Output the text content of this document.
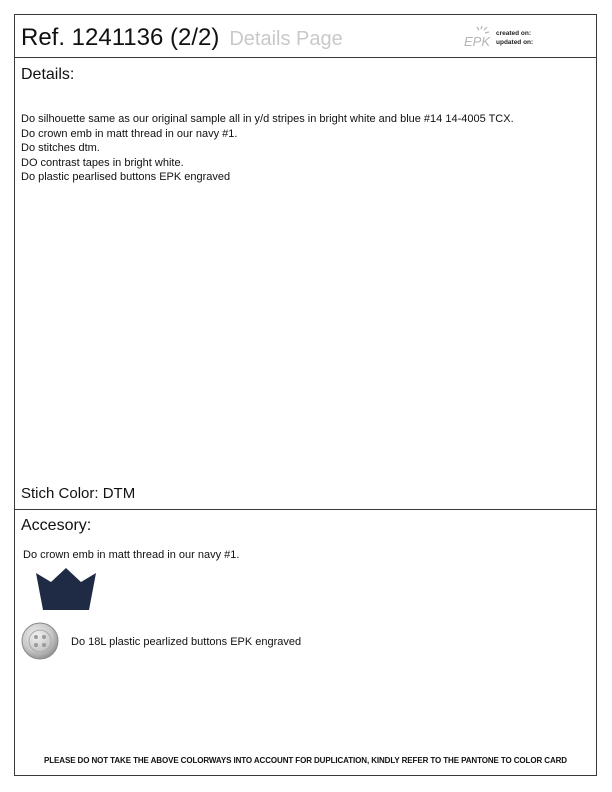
Ref. 1241136 (2/2) Details Page	EPK
created on:
updated on:
Details:
Do silhouette same as our original sample all in y/d stripes in bright white and blue #14 14-4005 TCX.
Do crown emb in matt thread in our navy #1.
Do stitches dtm.
DO contrast tapes in bright white.
Do plastic pearlised buttons EPK engraved
Stich Color: DTM
Accesory:
Do crown emb in matt thread in our navy #1.
Do 18L plastic pearlized buttons EPK engraved
PLEASE DO NOT TAKE THE ABOVE COLORWAYS INTO ACCOUNT FOR DUPLICATION, KINDLY REFER TO THE PANTONE TO COLOR CARD
